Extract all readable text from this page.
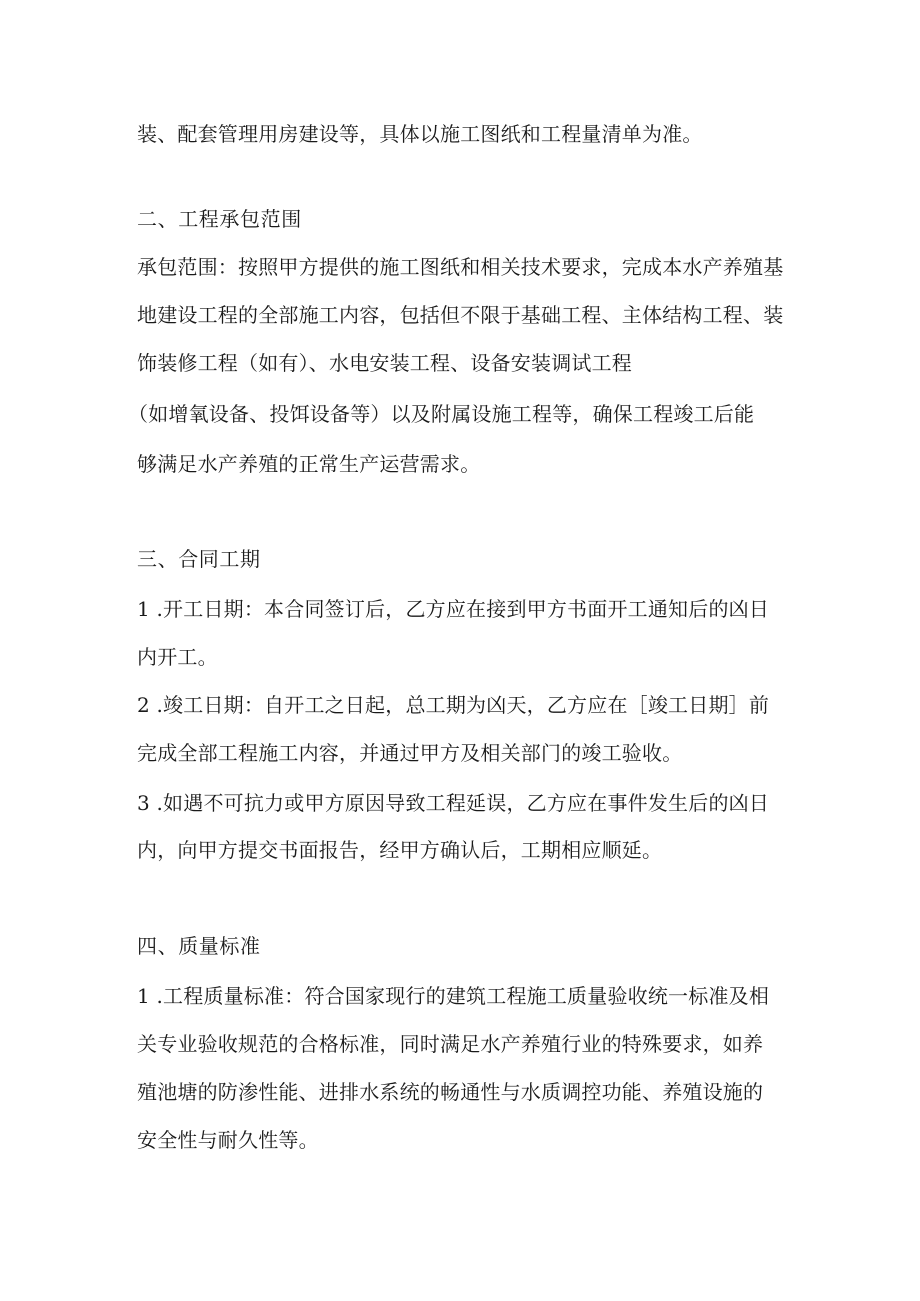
装、配套管理用房建设等，具体以施工图纸和工程量清单为准。
二、工程承包范围
承包范围：按照甲方提供的施工图纸和相关技术要求，完成本水产养殖基
地建设工程的全部施工内容，包括但不限于基础工程、主体结构工程、装
饰装修工程（如有）、水电安装工程、设备安装调试工程
（如增氧设备、投饵设备等）以及附属设施工程等，确保工程竣工后能
够满足水产养殖的正常生产运营需求。
三、合同工期
1 .开工日期：本合同签订后，乙方应在接到甲方书面开工通知后的凶日
内开工。
2 .竣工日期：自开工之日起，总工期为凶天，乙方应在［竣工日期］前
完成全部工程施工内容，并通过甲方及相关部门的竣工验收。
3 .如遇不可抗力或甲方原因导致工程延误，乙方应在事件发生后的凶日
内，向甲方提交书面报告，经甲方确认后，工期相应顺延。
四、质量标准
1 .工程质量标准：符合国家现行的建筑工程施工质量验收统一标准及相
关专业验收规范的合格标准，同时满足水产养殖行业的特殊要求，如养
殖池塘的防渗性能、进排水系统的畅通性与水质调控功能、养殖设施的
安全性与耐久性等。
